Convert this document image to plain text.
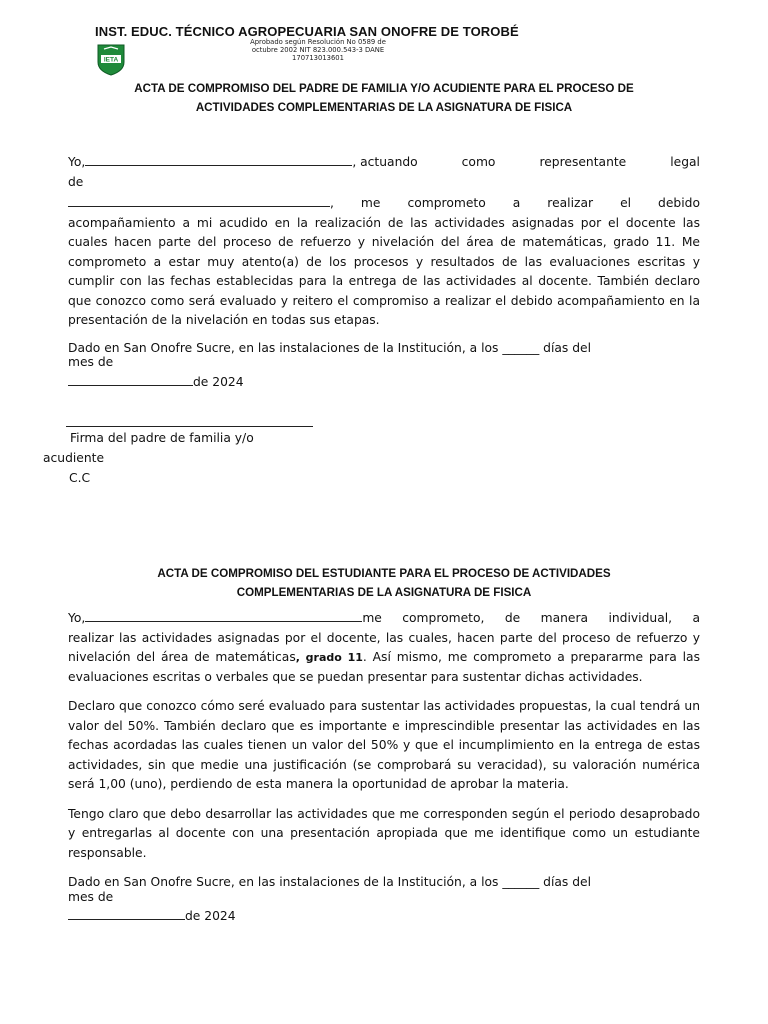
INST. EDUC. TÉCNICO AGROPECUARIA SAN ONOFRE DE TOROBÉ
IETA
Aprobado según Resolución No 0589 de
octubre 2002 NIT 823.000.543-3 DANE
170713013601
ACTA DE COMPROMISO DEL PADRE DE FAMILIA Y/O ACUDIENTE PARA EL PROCESO DE
ACTIVIDADES COMPLEMENTARIAS DE LA ASIGNATURA DE FISICA
Yo,	, actuando	como	representante	legal
de
, me comprometo a realizar el debido

acompañamiento a mi acudido en la realización de las actividades asignadas por el docente las cuales hacen parte del proceso de refuerzo y nivelación del área de matemáticas, grado 11. Me comprometo a estar muy atento(a) de los procesos y resultados de las evaluaciones escritas y cumplir con las fechas establecidas para la entrega de las actividades al docente. También declaro que conozco como será evaluado y reitero el compromiso a realizar el debido acompañamiento en la presentación de la nivelación en todas sus etapas.

Dado en San Onofre Sucre, en las instalaciones de la Institución, a los ______ días del

mes de

de 2024

Firma del padre de familia y/o
acudiente
C.C
ACTA DE COMPROMISO DEL ESTUDIANTE PARA EL PROCESO DE ACTIVIDADES
COMPLEMENTARIAS DE LA ASIGNATURA DE FISICA
Yo,	me comprometo, de manera individual, a

realizar las actividades asignadas por el docente, las cuales, hacen parte del proceso de refuerzo y nivelación del área de matemáticas, grado 11. Así mismo, me comprometo a prepararme para las evaluaciones escritas o verbales que se puedan presentar para sustentar dichas actividades.

Declaro que conozco cómo seré evaluado para sustentar las actividades propuestas, la cual tendrá un valor del 50%. También declaro que es importante e imprescindible presentar las actividades en las fechas acordadas las cuales tienen un valor del 50% y que el incumplimiento en la entrega de estas actividades, sin que medie una justificación (se comprobará su veracidad), su valoración numérica será 1,00 (uno), perdiendo de esta manera la oportunidad de aprobar la materia.

Tengo claro que debo desarrollar las actividades que me corresponden según el periodo desaprobado y entregarlas al docente con una presentación apropiada que me identifique como un estudiante responsable.

Dado en San Onofre Sucre, en las instalaciones de la Institución, a los ______ días del

mes de

de 2024
